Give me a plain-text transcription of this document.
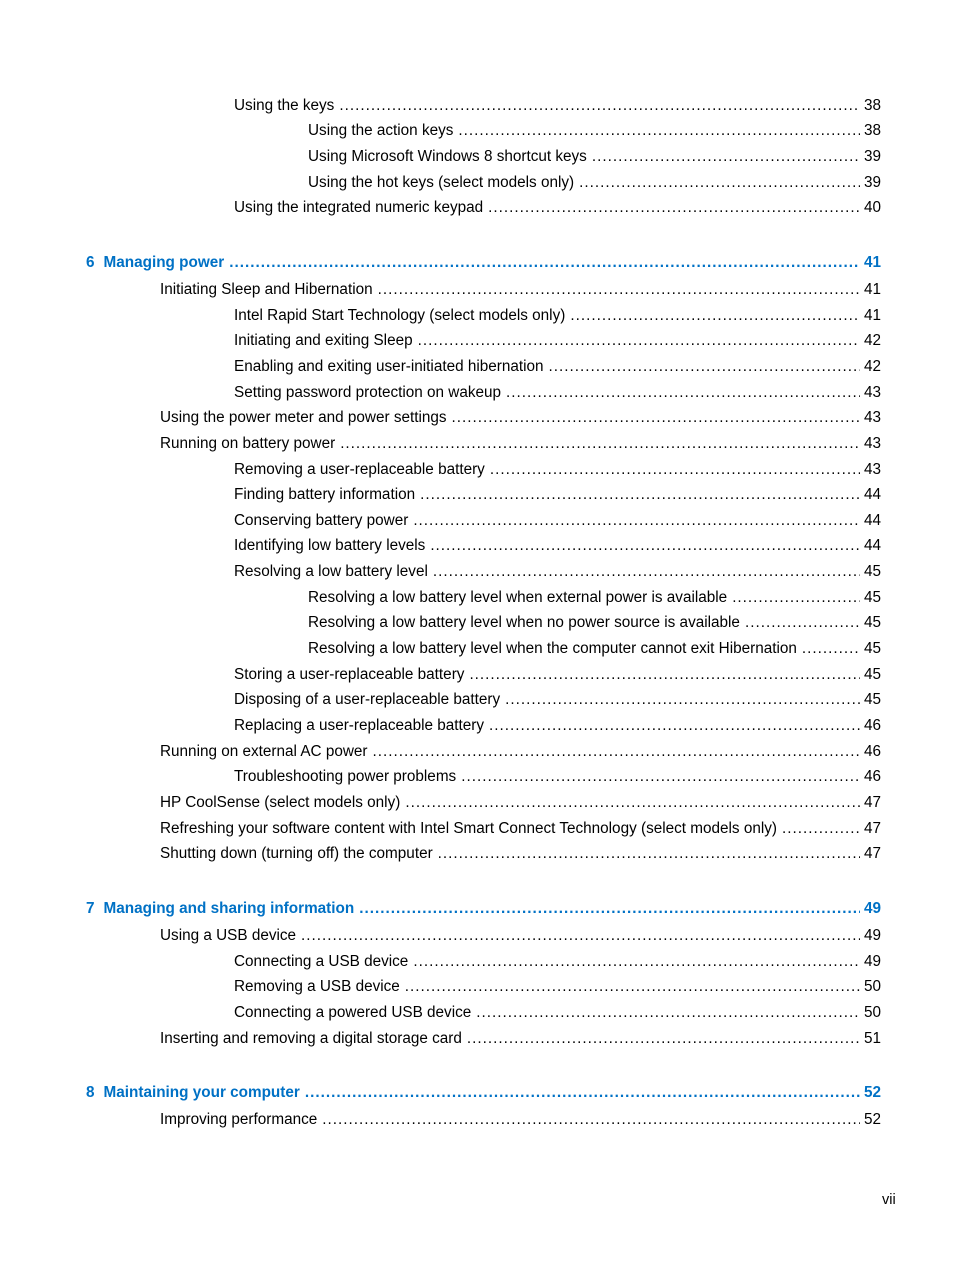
Using the keys .....	38
Using the action keys .....	38
Using Microsoft Windows 8 shortcut keys .....	39
Using the hot keys (select models only) .....	39
Using the integrated numeric keypad .....	40
6 Managing power .....	41
Initiating Sleep and Hibernation .....	41
Intel Rapid Start Technology (select models only) .....	41
Initiating and exiting Sleep .....	42
Enabling and exiting user-initiated hibernation .....	42
Setting password protection on wakeup .....	43
Using the power meter and power settings .....	43
Running on battery power .....	43
Removing a user-replaceable battery .....	43
Finding battery information .....	44
Conserving battery power .....	44
Identifying low battery levels .....	44
Resolving a low battery level .....	45
Resolving a low battery level when external power is available .....	45
Resolving a low battery level when no power source is available .....	45
Resolving a low battery level when the computer cannot exit Hibernation .....	45
Storing a user-replaceable battery .....	45
Disposing of a user-replaceable battery .....	45
Replacing a user-replaceable battery .....	46
Running on external AC power .....	46
Troubleshooting power problems .....	46
HP CoolSense (select models only) .....	47
Refreshing your software content with Intel Smart Connect Technology (select models only) .....	47
Shutting down (turning off) the computer .....	47
7 Managing and sharing information .....	49
Using a USB device .....	49
Connecting a USB device .....	49
Removing a USB device .....	50
Connecting a powered USB device .....	50
Inserting and removing a digital storage card .....	51
8 Maintaining your computer .....	52
Improving performance .....	52
vii
